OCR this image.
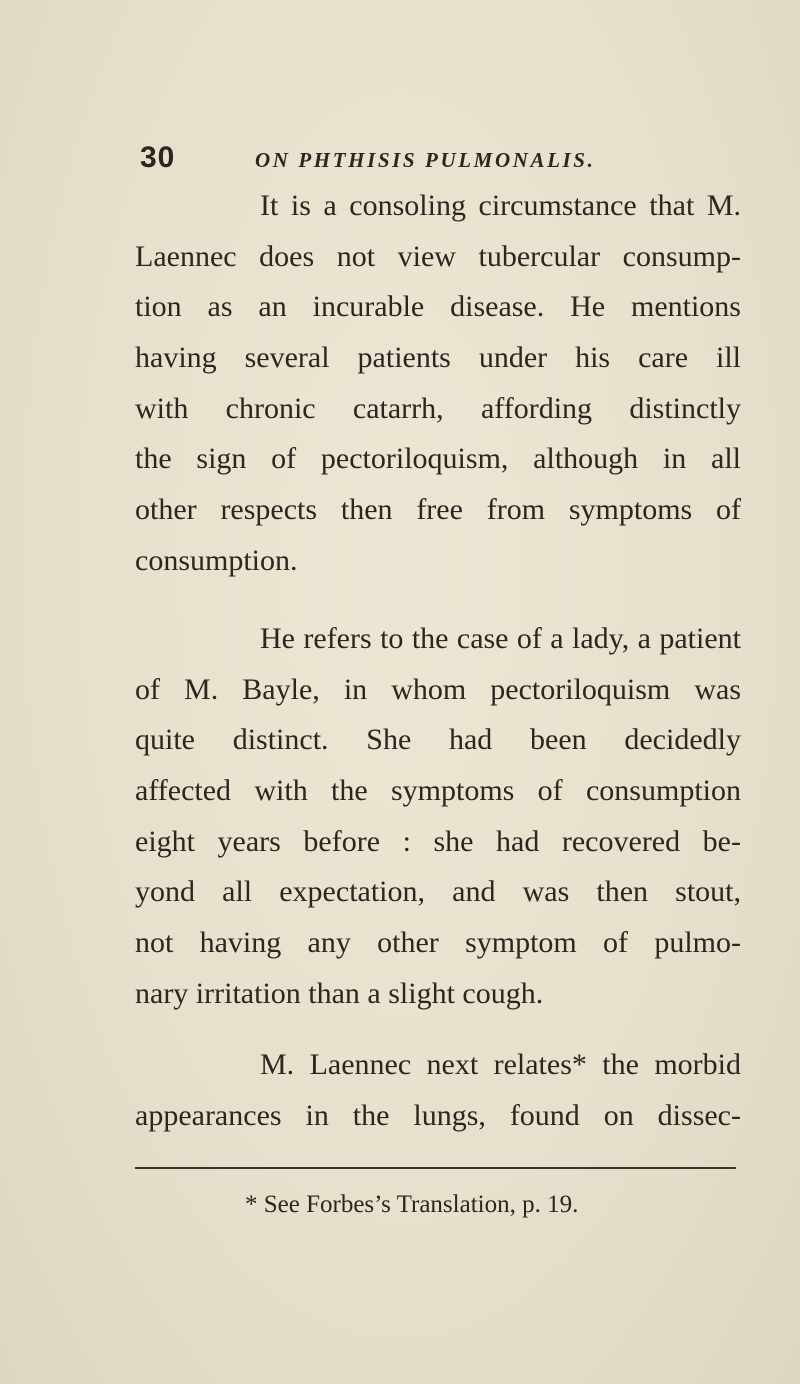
30	ON PHTHISIS PULMONALIS.
It is a consoling circumstance that M.
Laennec does not view tubercular consump-
tion as an incurable disease. He mentions
having several patients under his care ill
with chronic catarrh, affording distinctly
the sign of pectoriloquism, although in all
other respects then free from symptoms of
consumption.
He refers to the case of a lady, a patient
of M. Bayle, in whom pectoriloquism was
quite distinct. She had been decidedly
affected with the symptoms of consumption
eight years before : she had recovered be-
yond all expectation, and was then stout,
not having any other symptom of pulmo-
nary irritation than a slight cough.
M. Laennec next relates* the morbid
appearances in the lungs, found on dissec-
* See Forbes’s Translation, p. 19.
